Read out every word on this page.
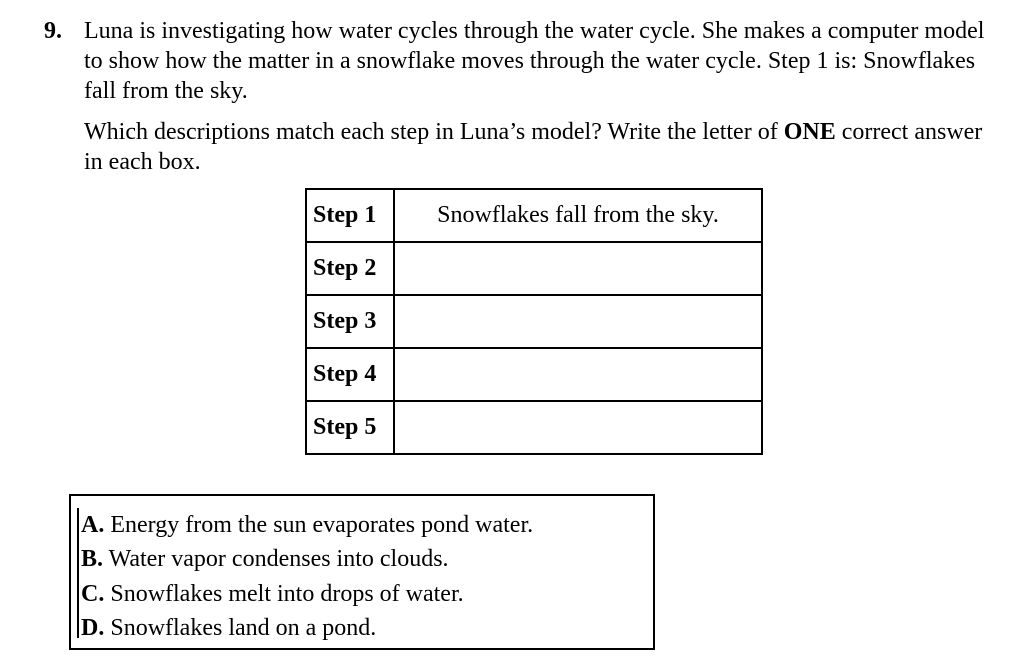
9. Luna is investigating how water cycles through the water cycle. She makes a computer model to show how the matter in a snowflake moves through the water cycle. Step 1 is: Snowflakes fall from the sky.
Which descriptions match each step in Luna’s model? Write the letter of ONE correct answer in each box.
Step 1	Snowflakes fall from the sky.
Step 2	
Step 3	
Step 4	
Step 5	
A. Energy from the sun evaporates pond water.
B. Water vapor condenses into clouds.
C. Snowflakes melt into drops of water.
D. Snowflakes land on a pond.
